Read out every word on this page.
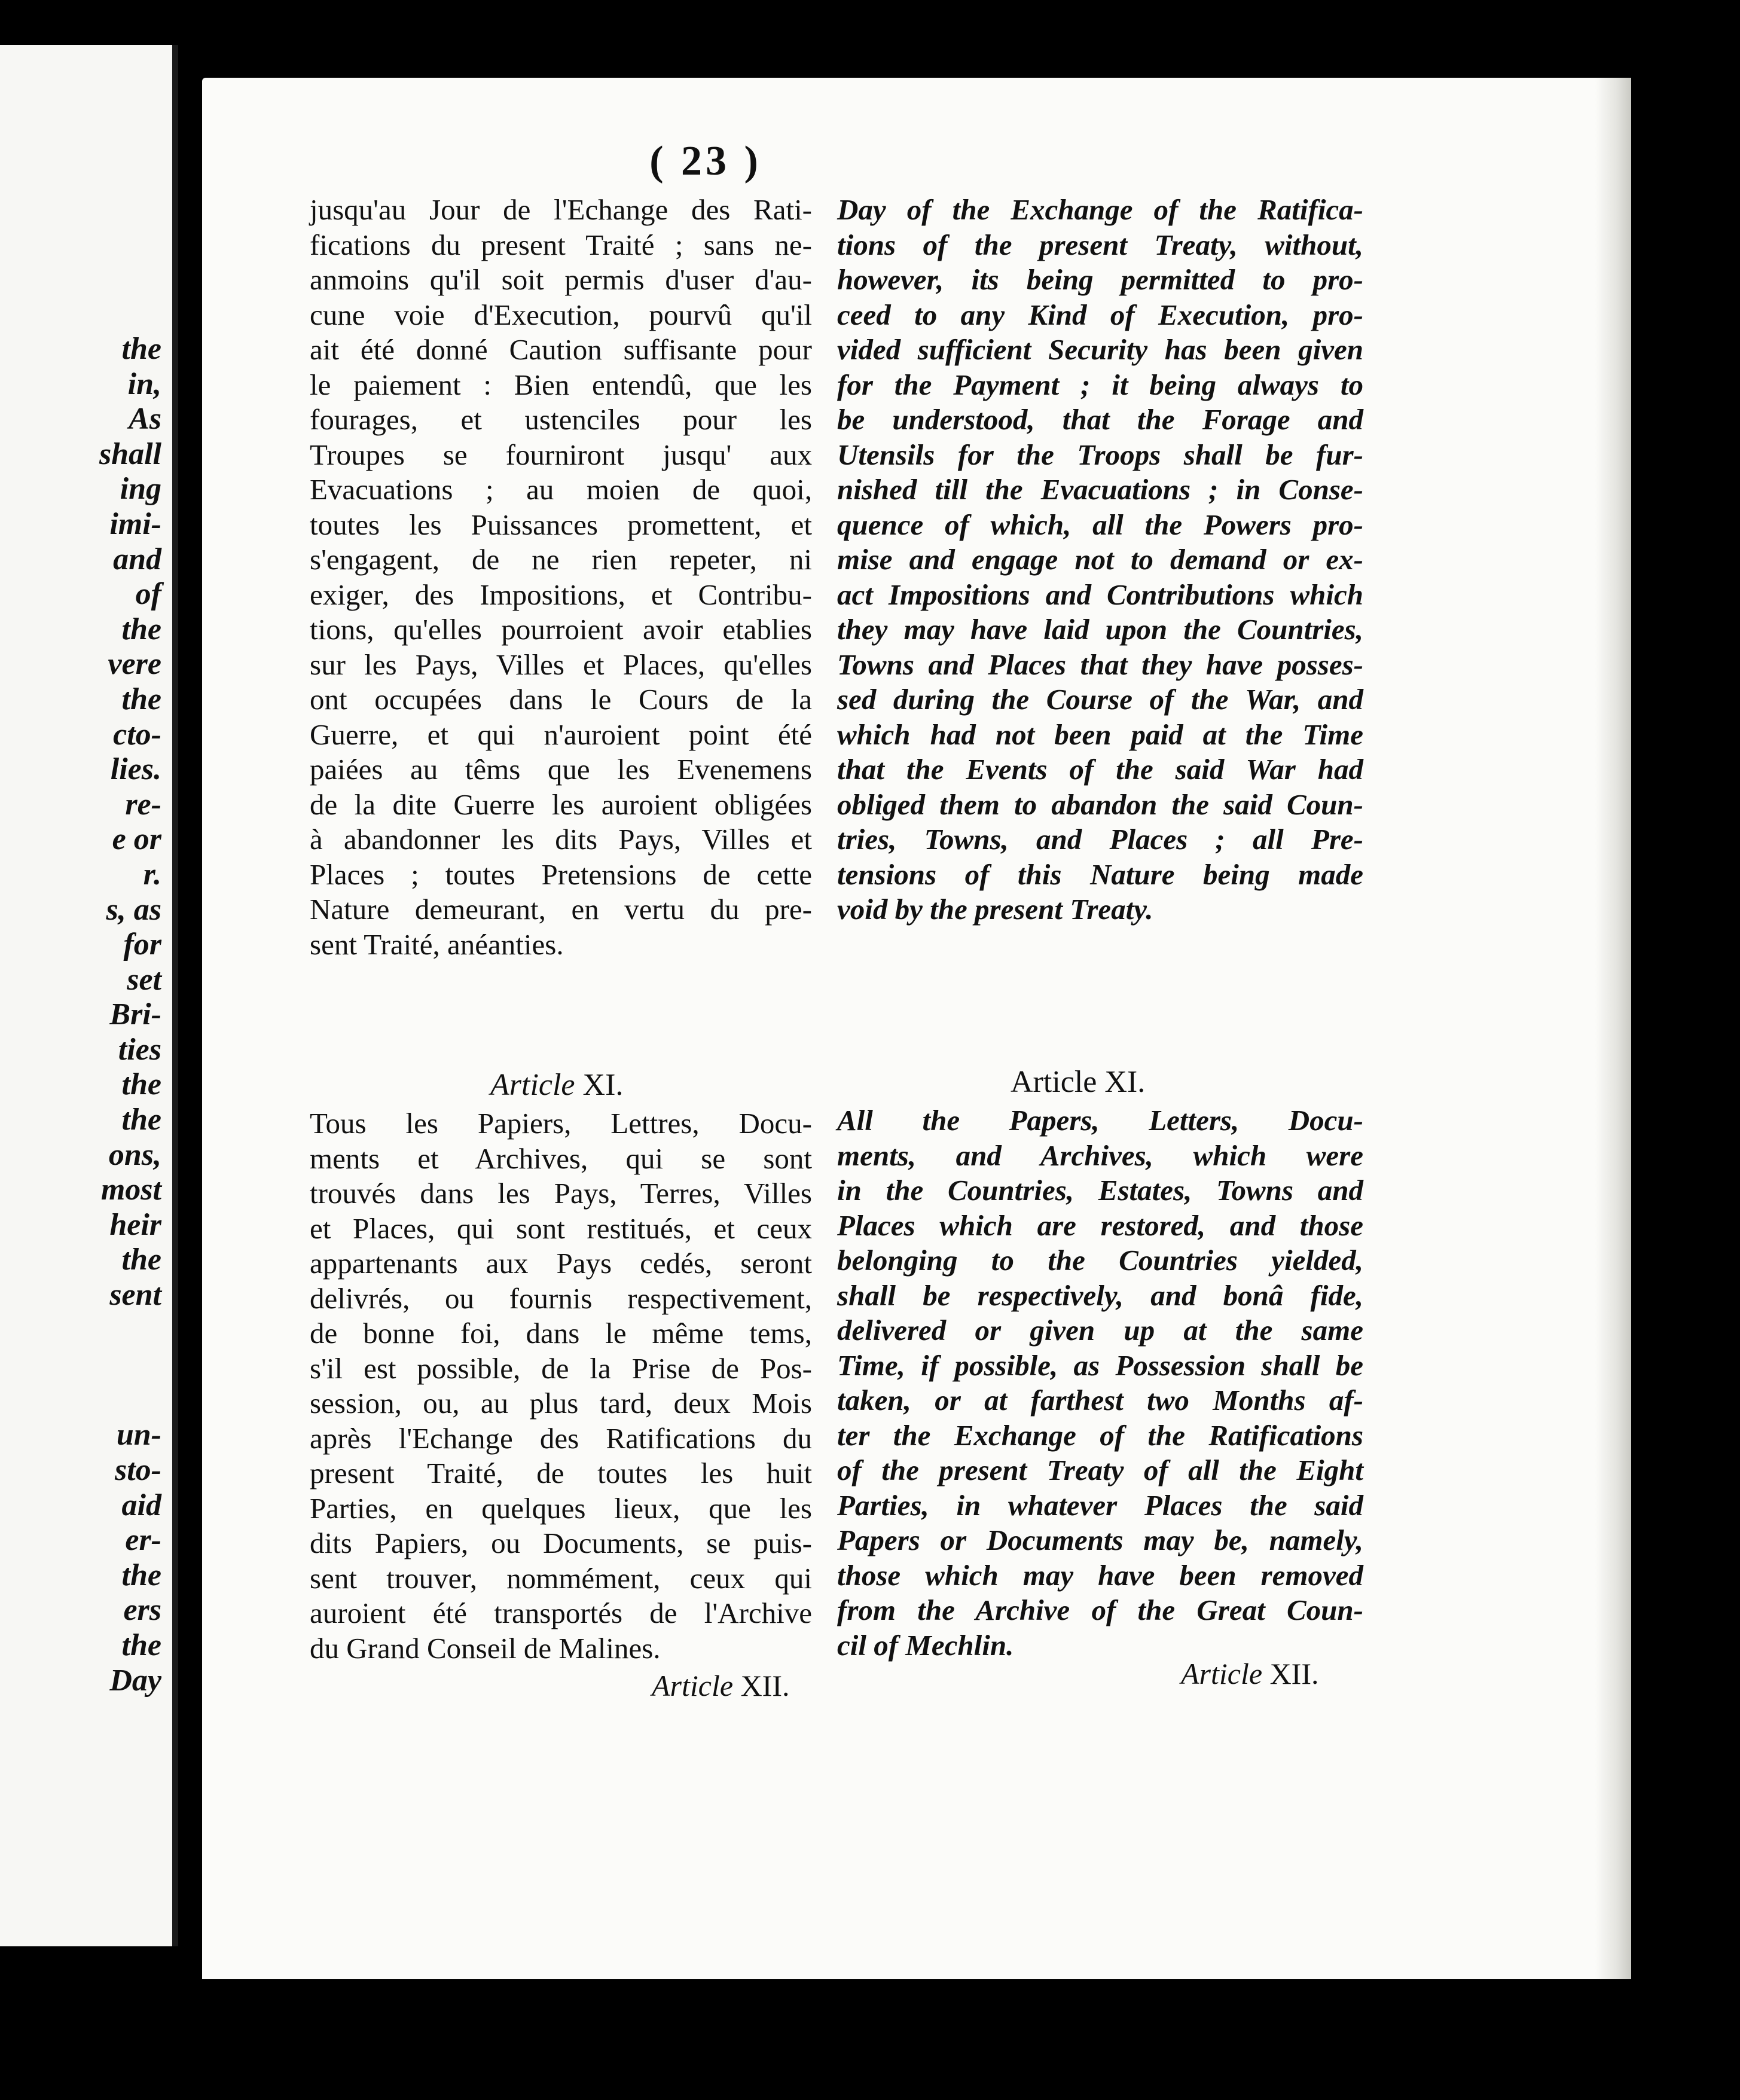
the
in,
As
shall
ing
imi-
and
of
the
vere
the
cto-
lies.
re-
e or
r.
s, as
for
set
Bri-
ties
the
the
ons,
most
heir
the
sent
un-
sto-
aid
er-
the
ers
the
Day
( 23 )
jusqu'au Jour de l'Echange des Rati-
fications du present Traité ; sans ne-
anmoins qu'il soit permis d'user d'au-
cune voie d'Execution, pourvû qu'il
ait été donné Caution suffisante pour
le paiement : Bien entendû, que les
fourages, et ustenciles pour les
Troupes se fourniront jusqu' aux
Evacuations ; au moien de quoi,
toutes les Puissances promettent, et
s'engagent, de ne rien repeter, ni
exiger, des Impositions, et Contribu-
tions, qu'elles pourroient avoir etablies
sur les Pays, Villes et Places, qu'elles
ont occupées dans le Cours de la
Guerre, et qui n'auroient point été
paiées au têms que les Evenemens
de la dite Guerre les auroient obligées
à abandonner les dits Pays, Villes et
Places ; toutes Pretensions de cette
Nature demeurant, en vertu du pre-
sent Traité, anéanties.
Day of the Exchange of the Ratifica-
tions of the present Treaty, without,
however, its being permitted to pro-
ceed to any Kind of Execution, pro-
vided sufficient Security has been given
for the Payment ; it being always to
be understood, that the Forage and
Utensils for the Troops shall be fur-
nished till the Evacuations ; in Conse-
quence of which, all the Powers pro-
mise and engage not to demand or ex-
act Impositions and Contributions which
they may have laid upon the Countries,
Towns and Places that they have posses-
sed during the Course of the War, and
which had not been paid at the Time
that the Events of the said War had
obliged them to abandon the said Coun-
tries, Towns, and Places ; all Pre-
tensions of this Nature being made
void by the present Treaty.
Article XI.	Article XI.
Tous les Papiers, Lettres, Docu-
ments et Archives, qui se sont
trouvés dans les Pays, Terres, Villes
et Places, qui sont restitués, et ceux
appartenants aux Pays cedés, seront
delivrés, ou fournis respectivement,
de bonne foi, dans le même tems,
s'il est possible, de la Prise de Pos-
session, ou, au plus tard, deux Mois
après l'Echange des Ratifications du
present Traité, de toutes les huit
Parties, en quelques lieux, que les
dits Papiers, ou Documents, se puis-
sent trouver, nommément, ceux qui
auroient été transportés de l'Archive
du Grand Conseil de Malines.
All the Papers, Letters, Docu-
ments, and Archives, which were
in the Countries, Estates, Towns and
Places which are restored, and those
belonging to the Countries yielded,
shall be respectively, and bonâ fide,
delivered or given up at the same
Time, if possible, as Possession shall be
taken, or at farthest two Months af-
ter the Exchange of the Ratifications
of the present Treaty of all the Eight
Parties, in whatever Places the said
Papers or Documents may be, namely,
those which may have been removed
from the Archive of the Great Coun-
cil of Mechlin.
Article XII.	Article XII.
